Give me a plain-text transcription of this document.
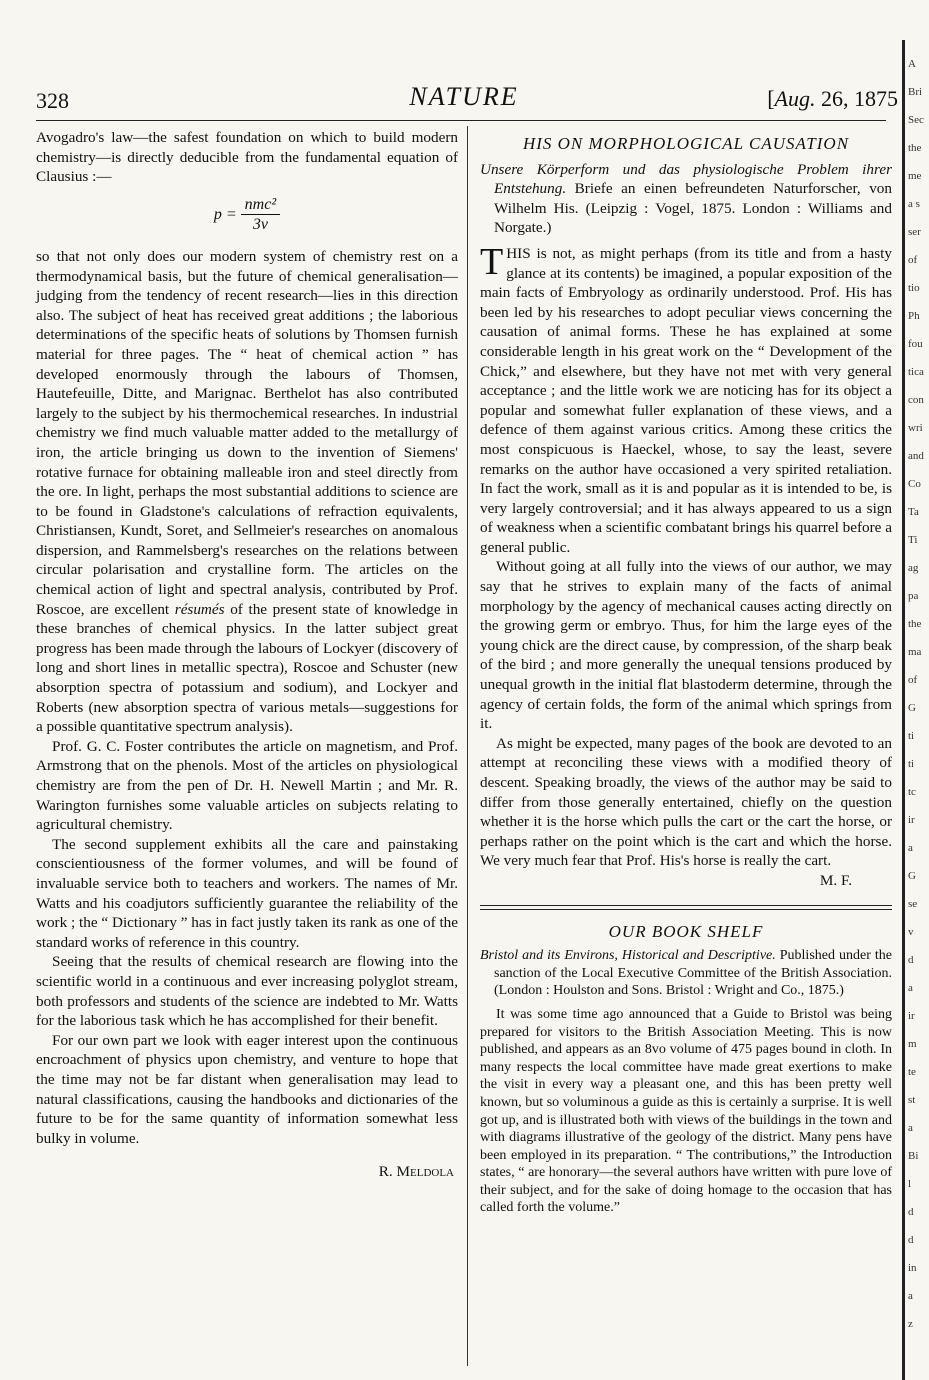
328	NATURE	[Aug. 26, 1875

Avogadro's law—the safest foundation on which to build modern chemistry—is directly deducible from the fundamental equation of Clausius :—

$p = \frac{\text{nmc²}}{3v}$

so that not only does our modern system of chemistry rest on a thermodynamical basis, but the future of chemical generalisation—judging from the tendency of recent research—lies in this direction also. The subject of heat has received great additions ; the laborious determinations of the specific heats of solutions by Thomsen furnish material for three pages. The “ heat of chemical action ” has developed enormously through the labours of Thomsen, Hautefeuille, Ditte, and Marignac. Berthelot has also contributed largely to the subject by his thermochemical researches. In industrial chemistry we find much valuable matter added to the metallurgy of iron, the article bringing us down to the invention of Siemens' rotative furnace for obtaining malleable iron and steel directly from the ore. In light, perhaps the most substantial additions to science are to be found in Gladstone's calculations of refraction equivalents, Christiansen, Kundt, Soret, and Sellmeier's researches on anomalous dispersion, and Rammelsberg's researches on the relations between circular polarisation and crystalline form. The articles on the chemical action of light and spectral analysis, contributed by Prof. Roscoe, are excellent résumés of the present state of knowledge in these branches of chemical physics. In the latter subject great progress has been made through the labours of Lockyer (discovery of long and short lines in metallic spectra), Roscoe and Schuster (new absorption spectra of potassium and sodium), and Lockyer and Roberts (new absorption spectra of various metals—suggestions for a possible quantitative spectrum analysis).

Prof. G. C. Foster contributes the article on magnetism, and Prof. Armstrong that on the phenols. Most of the articles on physiological chemistry are from the pen of Dr. H. Newell Martin ; and Mr. R. Warington furnishes some valuable articles on subjects relating to agricultural chemistry.

The second supplement exhibits all the care and painstaking conscientiousness of the former volumes, and will be found of invaluable service both to teachers and workers. The names of Mr. Watts and his coadjutors sufficiently guarantee the reliability of the work ; the “ Dictionary ” has in fact justly taken its rank as one of the standard works of reference in this country.

Seeing that the results of chemical research are flowing into the scientific world in a continuous and ever increasing polyglot stream, both professors and students of the science are indebted to Mr. Watts for the laborious task which he has accomplished for their benefit.

For our own part we look with eager interest upon the continuous encroachment of physics upon chemistry, and venture to hope that the time may not be far distant when generalisation may lead to natural classifications, causing the handbooks and dictionaries of the future to be for the same quantity of information somewhat less bulky in volume.

R. Meldola
HIS ON MORPHOLOGICAL CAUSATION

Unsere Körperform und das physiologische Problem ihrer Entstehung. Briefe an einen befreundeten Naturforscher, von Wilhelm His. (Leipzig : Vogel, 1875. London : Williams and Norgate.)

THIS is not, as might perhaps (from its title and from a hasty glance at its contents) be imagined, a popular exposition of the main facts of Embryology as ordinarily understood. Prof. His has been led by his researches to adopt peculiar views concerning the causation of animal forms. These he has explained at some considerable length in his great work on the “ Development of the Chick,” and elsewhere, but they have not met with very general acceptance ; and the little work we are noticing has for its object a popular and somewhat fuller explanation of these views, and a defence of them against various critics. Among these critics the most conspicuous is Haeckel, whose, to say the least, severe remarks on the author have occasioned a very spirited retaliation. In fact the work, small as it is and popular as it is intended to be, is very largely controversial; and it has always appeared to us a sign of weakness when a scientific combatant brings his quarrel before a general public.

Without going at all fully into the views of our author, we may say that he strives to explain many of the facts of animal morphology by the agency of mechanical causes acting directly on the growing germ or embryo. Thus, for him the large eyes of the young chick are the direct cause, by compression, of the sharp beak of the bird ; and more generally the unequal tensions produced by unequal growth in the initial flat blastoderm determine, through the agency of certain folds, the form of the animal which springs from it.

As might be expected, many pages of the book are devoted to an attempt at reconciling these views with a modified theory of descent. Speaking broadly, the views of the author may be said to differ from those generally entertained, chiefly on the question whether it is the horse which pulls the cart or the cart the horse, or perhaps rather on the point which is the cart and which the horse. We very much fear that Prof. His's horse is really the cart.

M. F.
OUR BOOK SHELF

Bristol and its Environs, Historical and Descriptive. Published under the sanction of the Local Executive Committee of the British Association. (London : Houlston and Sons. Bristol : Wright and Co., 1875.)

It was some time ago announced that a Guide to Bristol was being prepared for visitors to the British Association Meeting. This is now published, and appears as an 8vo volume of 475 pages bound in cloth. In many respects the local committee have made great exertions to make the visit in every way a pleasant one, and this has been pretty well known, but so voluminous a guide as this is certainly a surprise. It is well got up, and is illustrated both with views of the buildings in the town and with diagrams illustrative of the geology of the district. Many pens have been employed in its preparation. “ The contributions,” the Introduction states, “ are honorary—the several authors have written with pure love of their subject, and for the sake of doing homage to the occasion that has called forth the volume.”

A
Bri
Sec
the
me
a s
ser
of
tio
Ph
fou
tica
con
wri
and
Co
Ta
Ti
ag
pa
the
ma
of
G
ti
ti
tc
ir
a
G
se
v
d
a
ir
m
te
st
a
Bi
l
d
d
in
a
z
